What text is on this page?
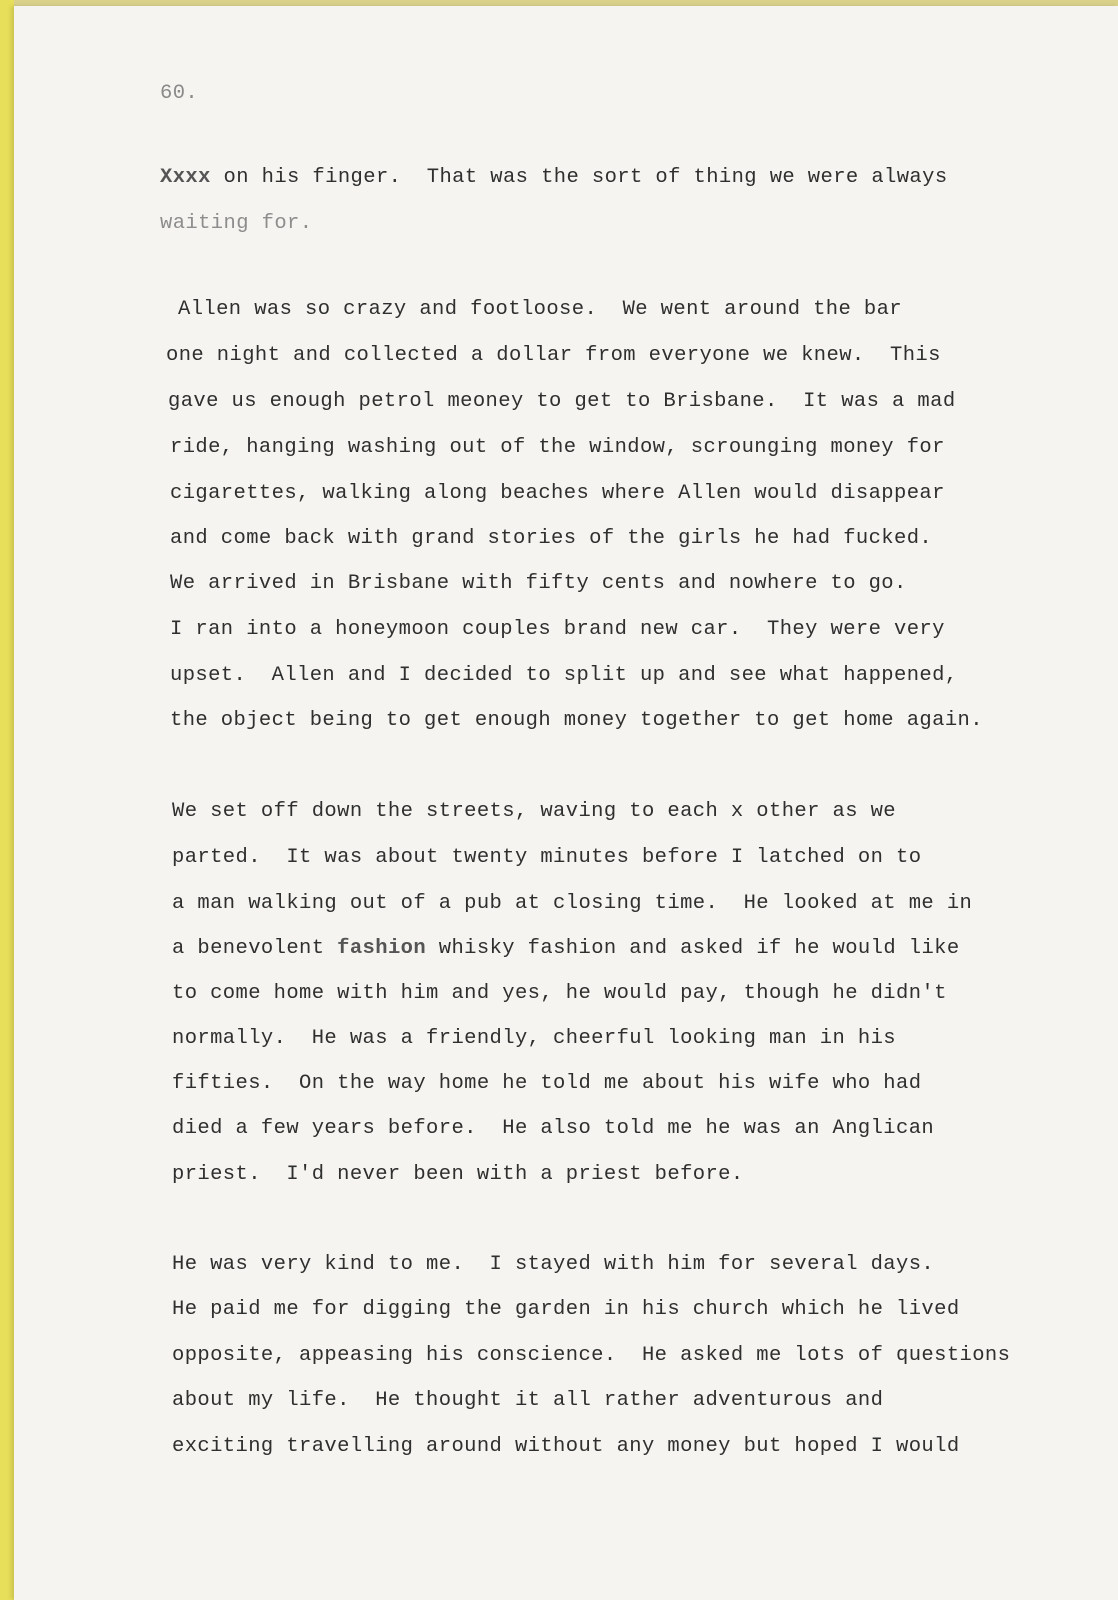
60.
Xxxx on his finger.  That was the sort of thing we were always
waiting for.
Allen was so crazy and footloose.  We went around the bar
one night and collected a dollar from everyone we knew.  This
gave us enough petrol meoney to get to Brisbane.  It was a mad
ride, hanging washing out of the window, scrounging money for
cigarettes, walking along beaches where Allen would disappear
and come back with grand stories of the girls he had fucked.
We arrived in Brisbane with fifty cents and nowhere to go.
I ran into a honeymoon couples brand new car.  They were very
upset.  Allen and I decided to split up and see what happened,
the object being to get enough money together to get home again.
We set off down the streets, waving to each x other as we
parted.  It was about twenty minutes before I latched on to
a man walking out of a pub at closing time.  He looked at me in
a benevolent fashion whisky fashion and asked if he would like
to come home with him and yes, he would pay, though he didn't
normally.  He was a friendly, cheerful looking man in his
fifties.  On the way home he told me about his wife who had
died a few years before.  He also told me he was an Anglican
priest.  I'd never been with a priest before.
He was very kind to me.  I stayed with him for several days.
He paid me for digging the garden in his church which he lived
opposite, appeasing his conscience.  He asked me lots of questions
about my life.  He thought it all rather adventurous and
exciting travelling around without any money but hoped I would
